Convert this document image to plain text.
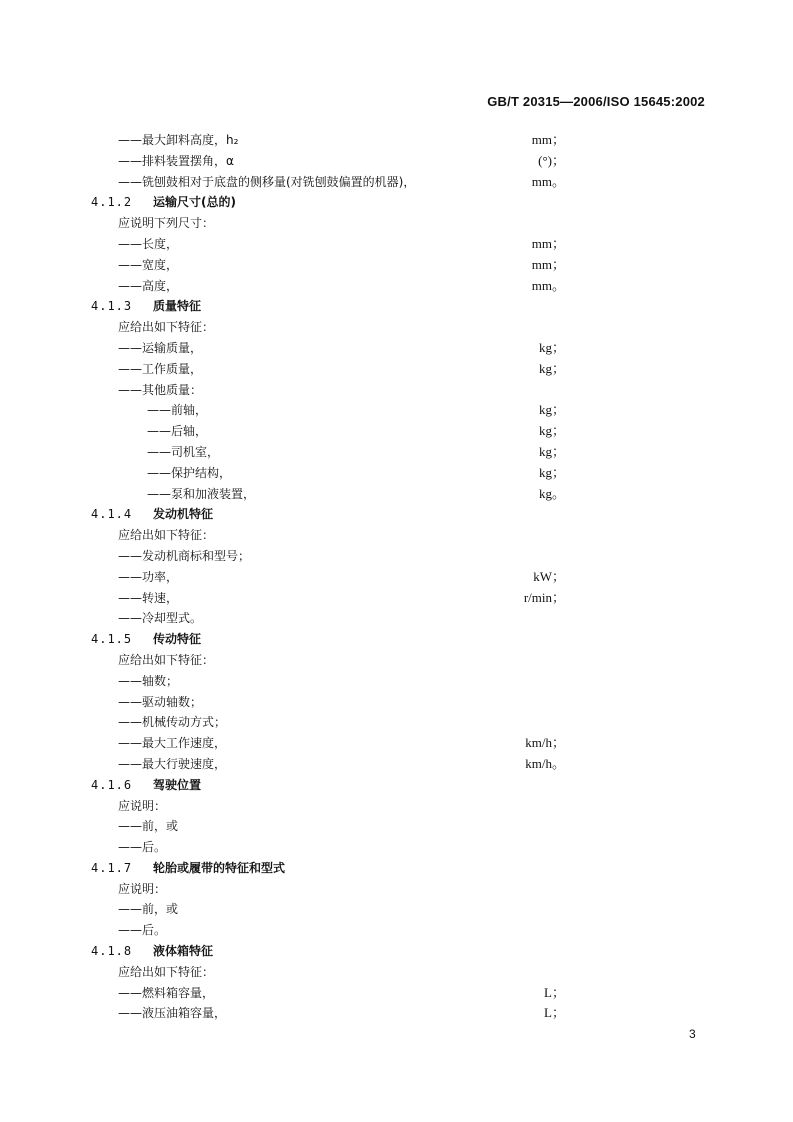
GB/T 20315—2006/ISO 15645:2002
——最大卸料高度，h₂	mm；
——排料装置摆角，α	(°)；
——铣刨鼓相对于底盘的侧移量(对铣刨鼓偏置的机器)，	mm。
4.1.2 运输尺寸(总的)
应说明下列尺寸：
——长度，	mm；
——宽度，	mm；
——高度，	mm。
4.1.3 质量特征
应给出如下特征：
——运输质量，	kg；
——工作质量，	kg；
——其他质量：
——前轴，	kg；
——后轴，	kg；
——司机室，	kg；
——保护结构，	kg；
——泵和加液装置，	kg。
4.1.4 发动机特征
应给出如下特征：
——发动机商标和型号；
——功率，	kW；
——转速，	r/min；
——冷却型式。
4.1.5 传动特征
应给出如下特征：
——轴数；
——驱动轴数；
——机械传动方式；
——最大工作速度，	km/h；
——最大行驶速度，	km/h。
4.1.6 驾驶位置
应说明：
——前，或
——后。
4.1.7 轮胎或履带的特征和型式
应说明：
——前，或
——后。
4.1.8 液体箱特征
应给出如下特征：
——燃料箱容量，	L；
——液压油箱容量，	L；
3
